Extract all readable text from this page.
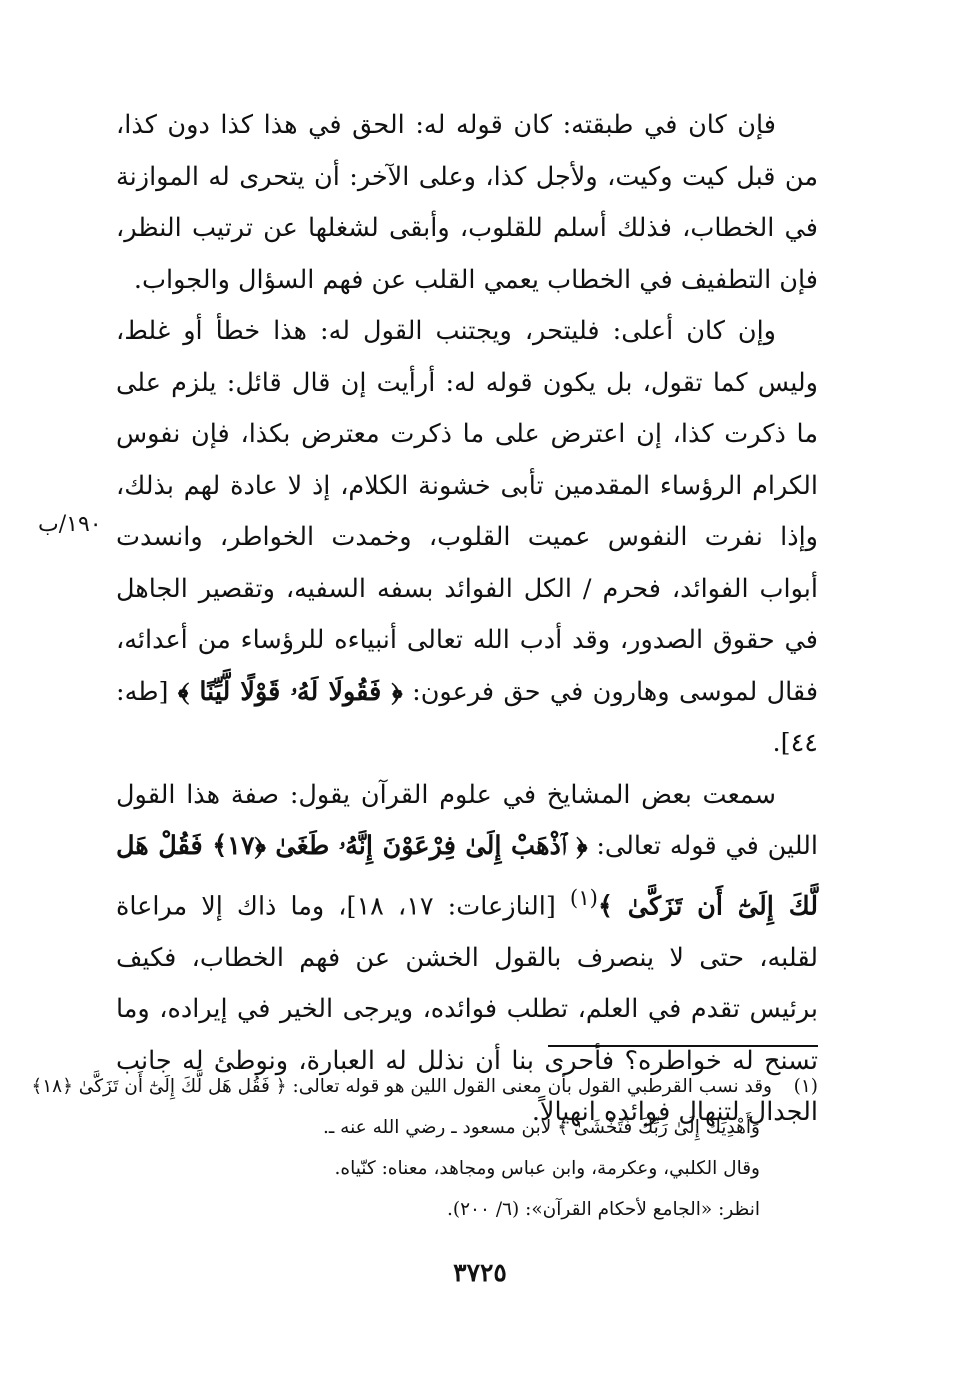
فإن كان في طبقته: كان قوله له: الحق في هذا كذا دون كذا، من قبل كيت وكيت، ولأجل كذا، وعلى الآخر: أن يتحرى له الموازنة في الخطاب، فذلك أسلم للقلوب، وأبقى لشغلها عن ترتيب النظر، فإن التطفيف في الخطاب يعمي القلب عن فهم السؤال والجواب.

وإن كان أعلى: فليتحر، ويجتنب القول له: هذا خطأ أو غلط، وليس كما تقول، بل يكون قوله له: أرأيت إن قال قائل: يلزم على ما ذكرت كذا، إن اعترض على ما ذكرت معترض بكذا، فإن نفوس الكرام الرؤساء المقدمين تأبى خشونة الكلام، إذ لا عادة لهم بذلك، وإذا نفرت النفوس عميت القلوب، وخمدت الخواطر، وانسدت أبواب الفوائد، فحرم / الكل الفوائد بسفه السفيه، وتقصير الجاهل في حقوق الصدور، وقد أدب الله تعالى أنبياءه للرؤساء من أعدائه، فقال لموسى وهارون في حق فرعون: ﴿ فَقُولَا لَهُۥ قَوْلًا لَّيِّنًا ﴾ [طه: ٤٤].

سمعت بعض المشايخ في علوم القرآن يقول: صفة هذا القول اللين في قوله تعالى: ﴿ ٱذْهَبْ إِلَىٰ فِرْعَوْنَ إِنَّهُۥ طَغَىٰ ﴿١٧﴾ فَقُلْ هَل لَّكَ إِلَىٰٓ أَن تَزَكَّىٰ ﴾$^{(١)}$ [النازعات: ١٧، ١٨]، وما ذاك إلا مراعاة لقلبه، حتى لا ينصرف بالقول الخشن عن فهم الخطاب، فكيف برئيس تقدم في العلم، تطلب فوائده، ويرجى الخير في إيراده، وما تسنح له خواطره؟ فأحرى بنا أن نذلل له العبارة، ونوطئ له جانب الجدال لتنهال فوائده انهيالاً.

١٩٠/ب

(١)وقد نسب القرطبي القول بأن معنى القول اللين هو قوله تعالى: ﴿ فَقُل هَل لَّكَ إِلَىٰٓ أَن تَزَكَّىٰ ﴿١٨﴾

وَأَهْدِيَكَ إِلَىٰ رَبِّكَ فَتَخْشَىٰ ﴾ لابن مسعود ـ رضي الله عنه ـ.

وقال الكلبي، وعكرمة، وابن عباس ومجاهد، معناه: كنّياه.

انظر: «الجامع لأحكام القرآن»: (٦/ ٢٠٠).

٣٧٢٥
